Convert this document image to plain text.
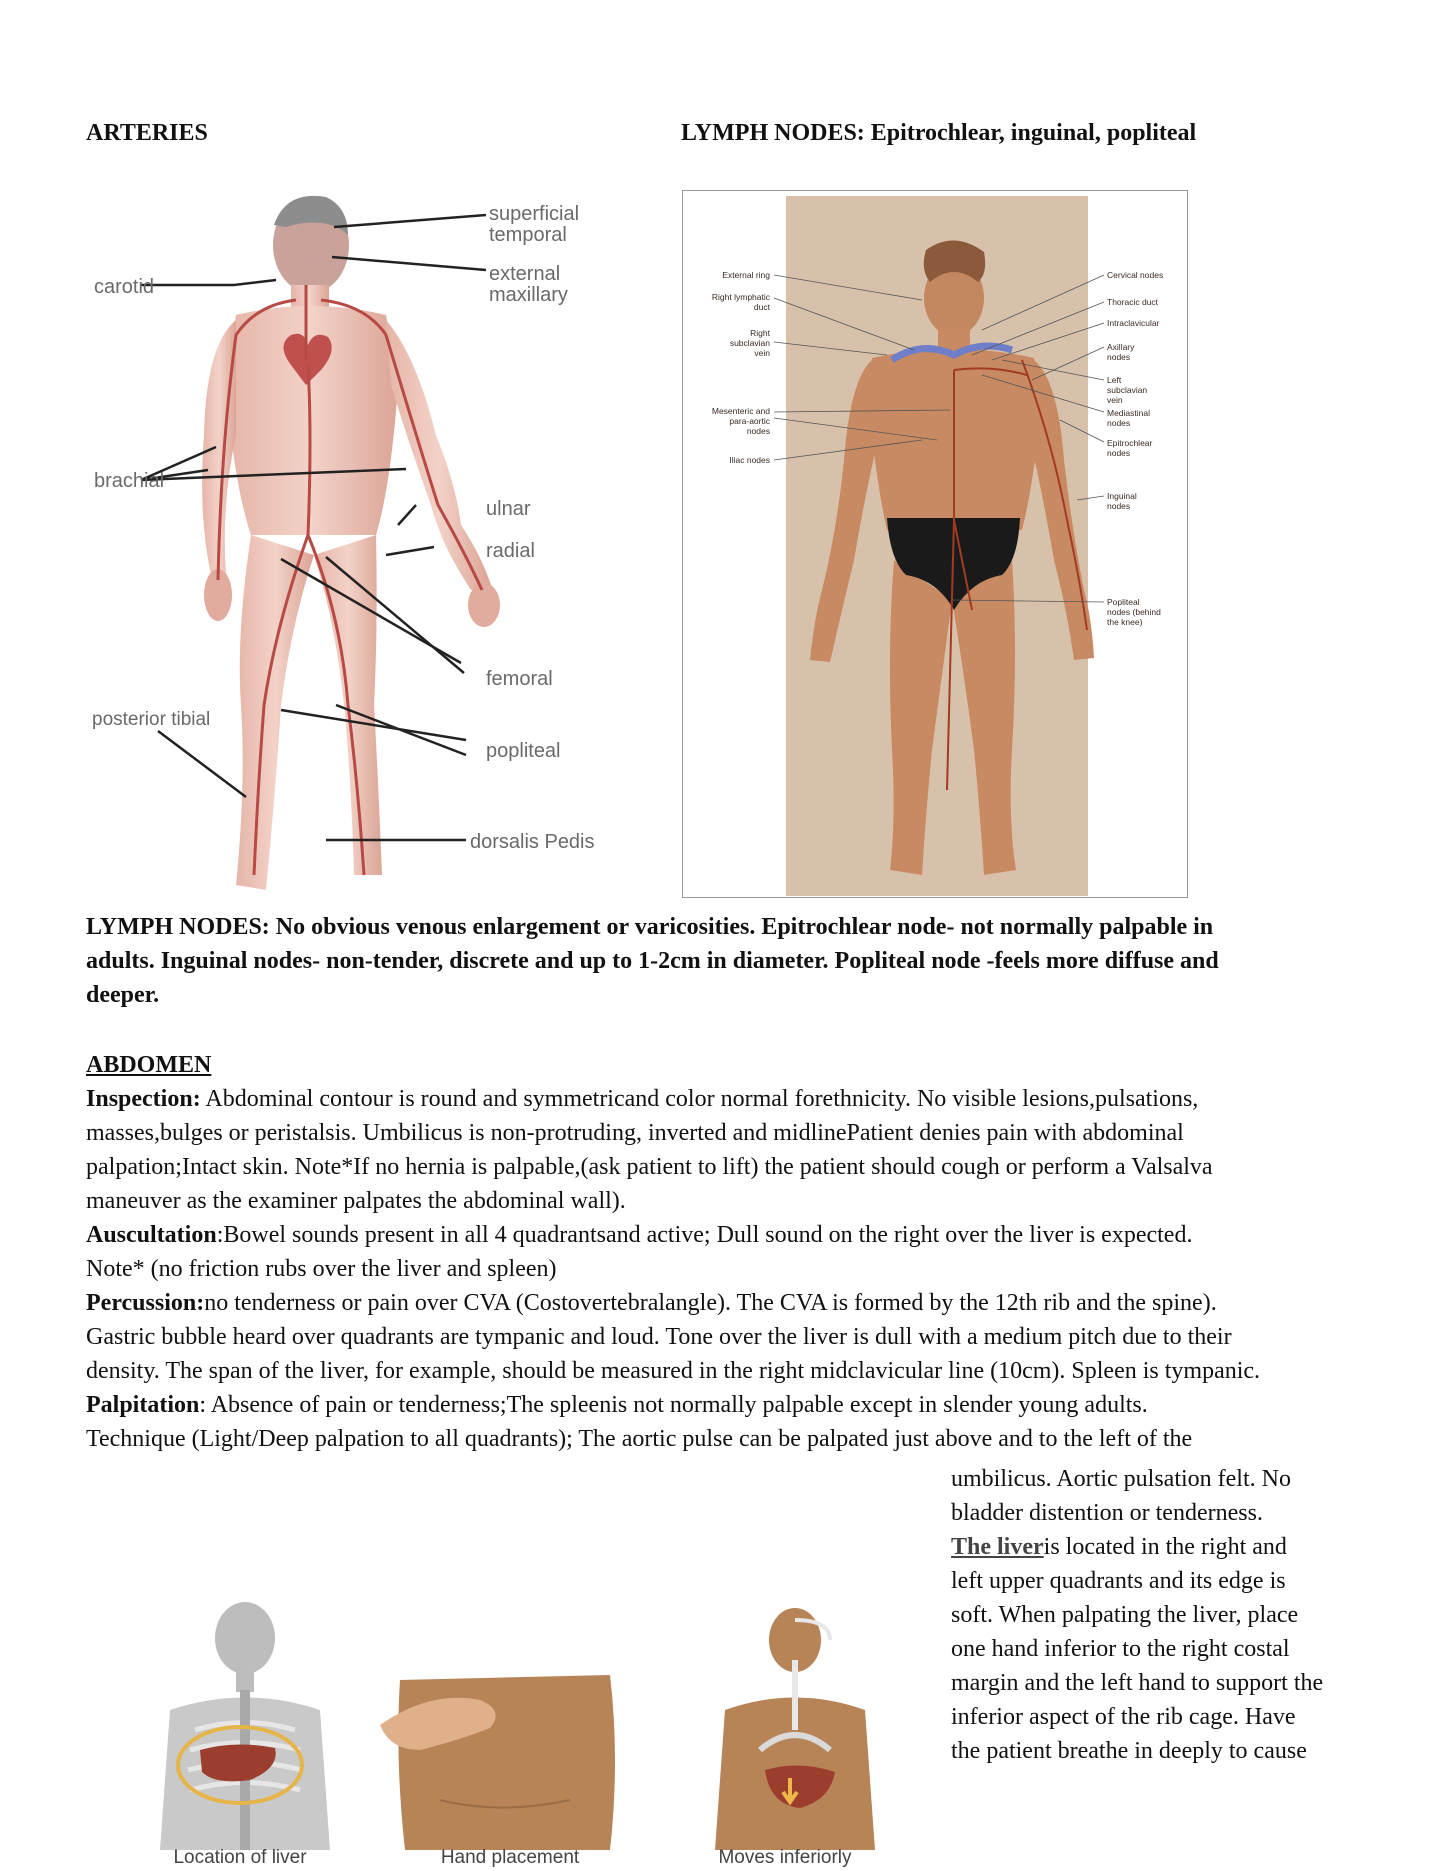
ARTERIES	LYMPH NODES: Epitrochlear, inguinal, popliteal
superficial
temporal
external
maxillary
carotid
brachial
ulnar
radial
femoral
posterior tibial
popliteal
dorsalis Pedis
External ring
Right lymphatic
duct
Right
subclavian
vein
Mesenteric and
para-aortic
nodes
Iliac nodes
Cervical nodes
Thoracic duct
Intraclavicular
Axillary
nodes
Left
subclavian
vein
Mediastinal
nodes
Epitrochlear
nodes
Inguinal
nodes
Popliteal
nodes (behind
the knee)
LYMPH NODES: No obvious venous enlargement or varicosities. Epitrochlear node- not normally palpable in
adults. Inguinal nodes- non-tender, discrete and up to 1-2cm in diameter. Popliteal node -feels more diffuse and
deeper.
ABDOMEN
Inspection: Abdominal contour is round and symmetricand color normal forethnicity. No visible lesions,pulsations,
masses,bulges or peristalsis. Umbilicus is non-protruding, inverted and midlinePatient denies pain with abdominal
palpation;Intact skin. Note*If no hernia is palpable,(ask patient to lift) the patient should cough or perform a Valsalva
maneuver as the examiner palpates the abdominal wall).
Auscultation:Bowel sounds present in all 4 quadrantsand active; Dull sound on the right over the liver is expected.
Note* (no friction rubs over the liver and spleen)
Percussion:no tenderness or pain over CVA (Costovertebralangle). The CVA is formed by the 12th rib and the spine).
Gastric bubble heard over quadrants are tympanic and loud. Tone over the liver is dull with a medium pitch due to their
density. The span of the liver, for example, should be measured in the right midclavicular line (10cm). Spleen is tympanic.
Palpitation: Absence of pain or tenderness;The spleenis not normally palpable except in slender young adults.
Technique (Light/Deep palpation to all quadrants); The aortic pulse can be palpated just above and to the left of the
umbilicus. Aortic pulsation felt. No
bladder distention or tenderness.
The liveris located in the right and
left upper quadrants and its edge is
soft. When palpating the liver, place
one hand inferior to the right costal
margin and the left hand to support the
inferior aspect of the rib cage. Have
the patient breathe in deeply to cause
Location of liver	Hand placement	Moves inferiorly
